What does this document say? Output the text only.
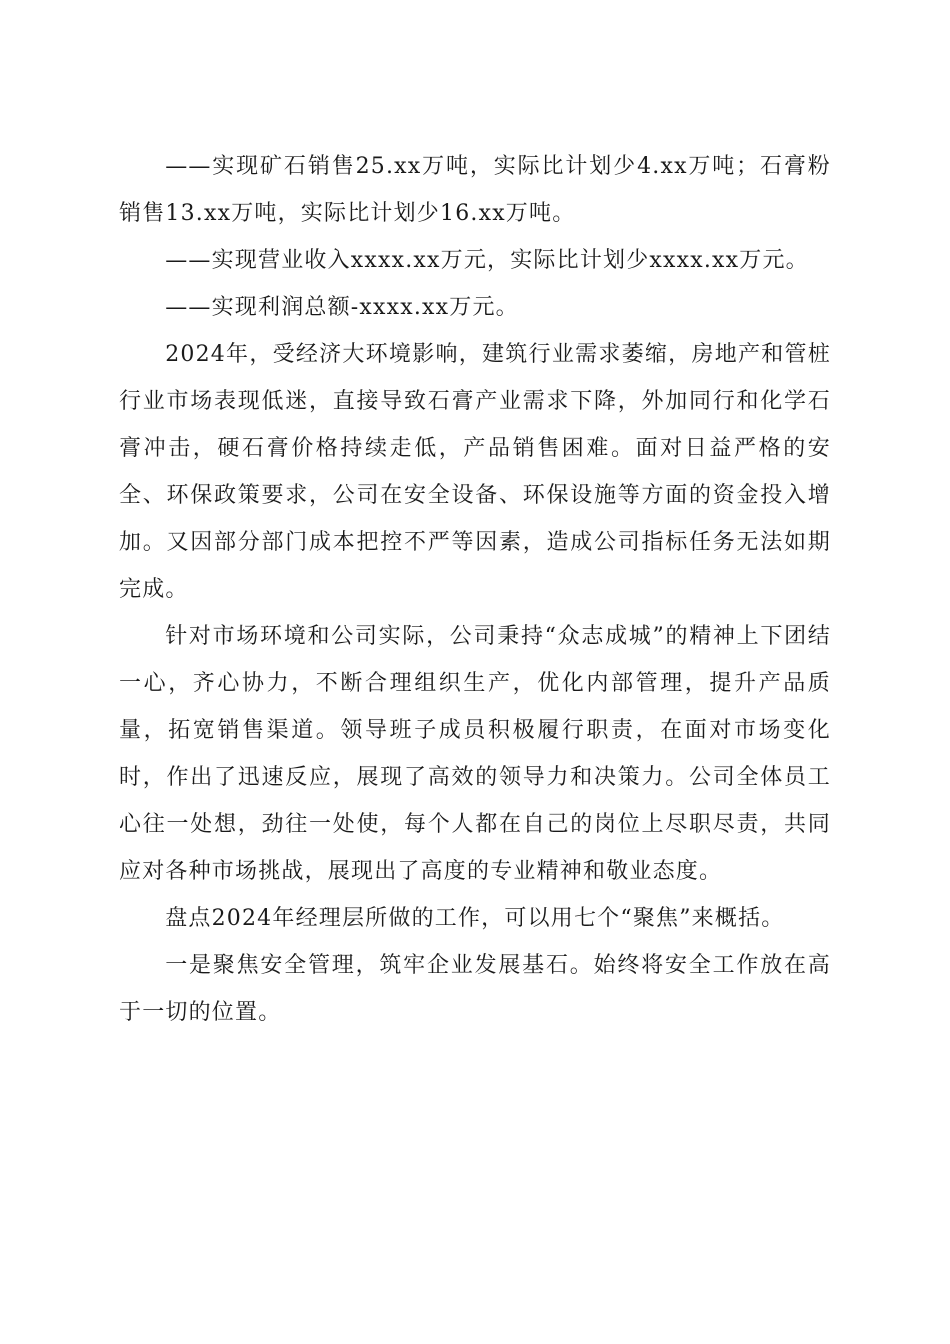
——实现矿石销售25.xx万吨，实际比计划少4.xx万吨；石膏粉销售13.xx万吨，实际比计划少16.xx万吨。

——实现营业收入xxxx.xx万元，实际比计划少xxxx.xx万元。

——实现利润总额-xxxx.xx万元。

2024年，受经济大环境影响，建筑行业需求萎缩，房地产和管桩行业市场表现低迷，直接导致石膏产业需求下降，外加同行和化学石膏冲击，硬石膏价格持续走低，产品销售困难。面对日益严格的安全、环保政策要求，公司在安全设备、环保设施等方面的资金投入增加。又因部分部门成本把控不严等因素，造成公司指标任务无法如期完成。

针对市场环境和公司实际，公司秉持“众志成城”的精神上下团结一心，齐心协力，不断合理组织生产，优化内部管理，提升产品质量，拓宽销售渠道。领导班子成员积极履行职责，在面对市场变化时，作出了迅速反应，展现了高效的领导力和决策力。公司全体员工心往一处想，劲往一处使，每个人都在自己的岗位上尽职尽责，共同应对各种市场挑战，展现出了高度的专业精神和敬业态度。

盘点2024年经理层所做的工作，可以用七个“聚焦”来概括。

一是聚焦安全管理，筑牢企业发展基石。始终将安全工作放在高于一切的位置。
